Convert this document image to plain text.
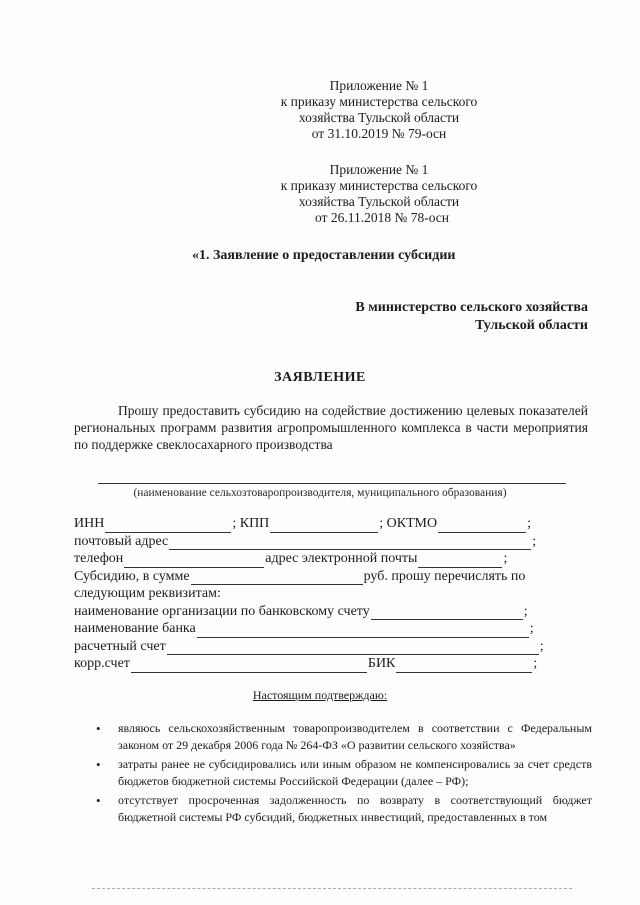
Приложение № 1
к приказу министерства сельского
хозяйства Тульской области
от 31.10.2019 № 79-осн
Приложение № 1
к приказу министерства сельского
хозяйства Тульской области
от 26.11.2018 № 78-осн
«1. Заявление о предоставлении субсидии
В министерство сельского хозяйства
Тульской области
ЗАЯВЛЕНИЕ
Прошу предоставить субсидию на содействие достижению целевых показателей региональных программ развития агропромышленного комплекса в части мероприятия по поддержке свеклосахарного производства
(наименование сельхозтоваропроизводителя, муниципального образования)
ИНН	; КПП	; ОКТМО	;
почтовый адрес	;
телефон	адрес электронной почты	;
Субсидию, в сумме	руб. прошу перечислять по
следующим реквизитам:
наименование организации по банковскому счету	;
наименование банка	;
расчетный счет	;
корр.счет	БИК	;
Настоящим подтверждаю:
• являюсь сельскохозяйственным товаропроизводителем в соответствии с Федеральным законом от 29 декабря 2006 года № 264-ФЗ «О развитии сельского хозяйства»
• затраты ранее не субсидировались или иным образом не компенсировались за счет средств бюджетов бюджетной системы Российской Федерации (далее – РФ);
• отсутствует просроченная задолженность по возврату в соответствующий бюджет бюджетной системы РФ субсидий, бюджетных инвестиций, предоставленных в том
